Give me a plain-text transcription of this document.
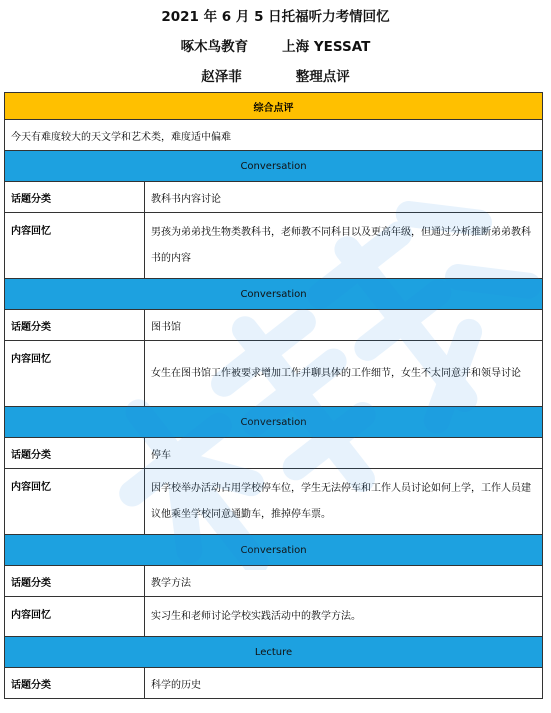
2021 年 6 月 5 日托福听力考情回忆
啄木鸟教育	上海 YESSAT
赵泽菲	整理点评
综合点评	
今天有难度较大的天文学和艺术类，难度适中偏难	
Conversation	
话题分类	教科书内容讨论
内容回忆	男孩为弟弟找生物类教科书，老师教不同科目以及更高年级，但通过分析推断弟弟教科书的内容
Conversation	
话题分类	图书馆
内容回忆	女生在图书馆工作被要求增加工作并聊具体的工作细节，女生不太同意并和领导讨论
Conversation	
话题分类	停车
内容回忆	因学校举办活动占用学校停车位，学生无法停车和工作人员讨论如何上学，工作人员建议他乘坐学校同意通勤车，推掉停车票。
Conversation	
话题分类	教学方法
内容回忆	实习生和老师讨论学校实践活动中的教学方法。
Lecture	
话题分类	科学的历史
